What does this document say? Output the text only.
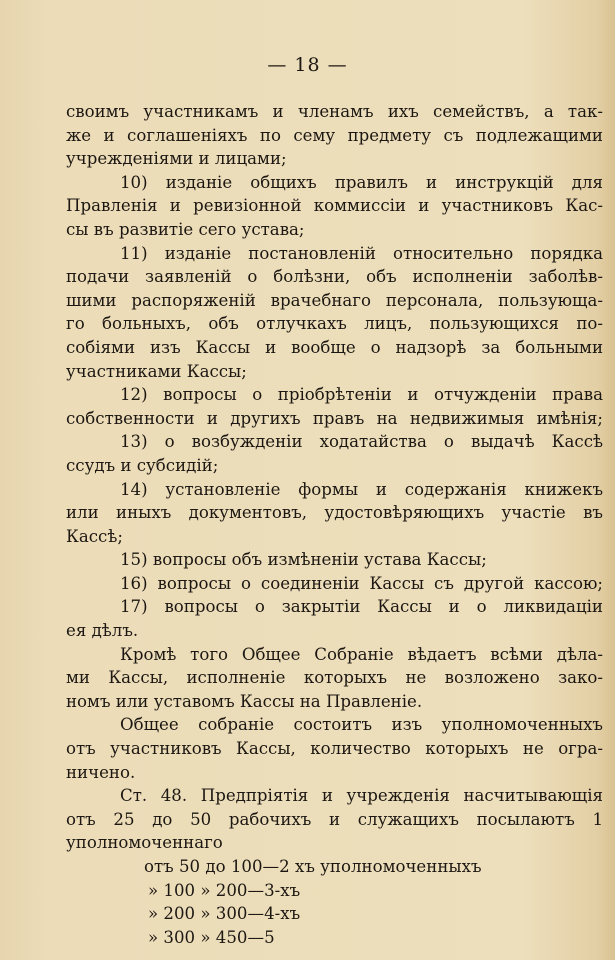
— 18 —
своимъ участникамъ и членамъ ихъ семействъ, а так-
же и соглашеніяхъ по сему предмету съ подлежащими
учрежденіями и лицами;
10) изданіе общихъ правилъ и инструкцій для
Правленія и ревизіонной коммиссіи и участниковъ Кас-
сы въ развитіе сего устава;
11) изданіе постановленій относительно порядка
подачи заявленій о болѣзни, объ исполненіи заболѣв-
шими распоряженій врачебнаго персонала, пользующа-
го больныхъ, объ отлучкахъ лицъ, пользующихся по-
собіями изъ Кассы и вообще о надзорѣ за больными
участниками Кассы;
12) вопросы о пріобрѣтеніи и отчужденіи права
собственности и другихъ правъ на недвижимыя имѣнія;
13) о возбужденіи ходатайства о выдачѣ Кассѣ
ссудъ и субсидій;
14) установленіе формы и содержанія книжекъ
или иныхъ документовъ, удостовѣряющихъ участіе въ
Кассѣ;
15) вопросы объ измѣненіи устава Кассы;
16) вопросы о соединеніи Кассы съ другой кассою;
17) вопросы о закрытіи Кассы и о ликвидаціи
ея дѣлъ.
Кромѣ того Общее Собраніе вѣдаетъ всѣми дѣла-
ми Кассы, исполненіе которыхъ не возложено зако-
номъ или уставомъ Кассы на Правленіе.
Общее собраніе состоитъ изъ уполномоченныхъ
отъ участниковъ Кассы, количество которыхъ не огра-
ничено.
Ст. 48. Предпріятія и учрежденія насчитывающія
отъ 25 до 50 рабочихъ и служащихъ посылаютъ 1
уполномоченнаго
отъ 50 до 100—2 хъ уполномоченныхъ
» 100 » 200—3-хъ
» 200 » 300—4-хъ
» 300 » 450—5
